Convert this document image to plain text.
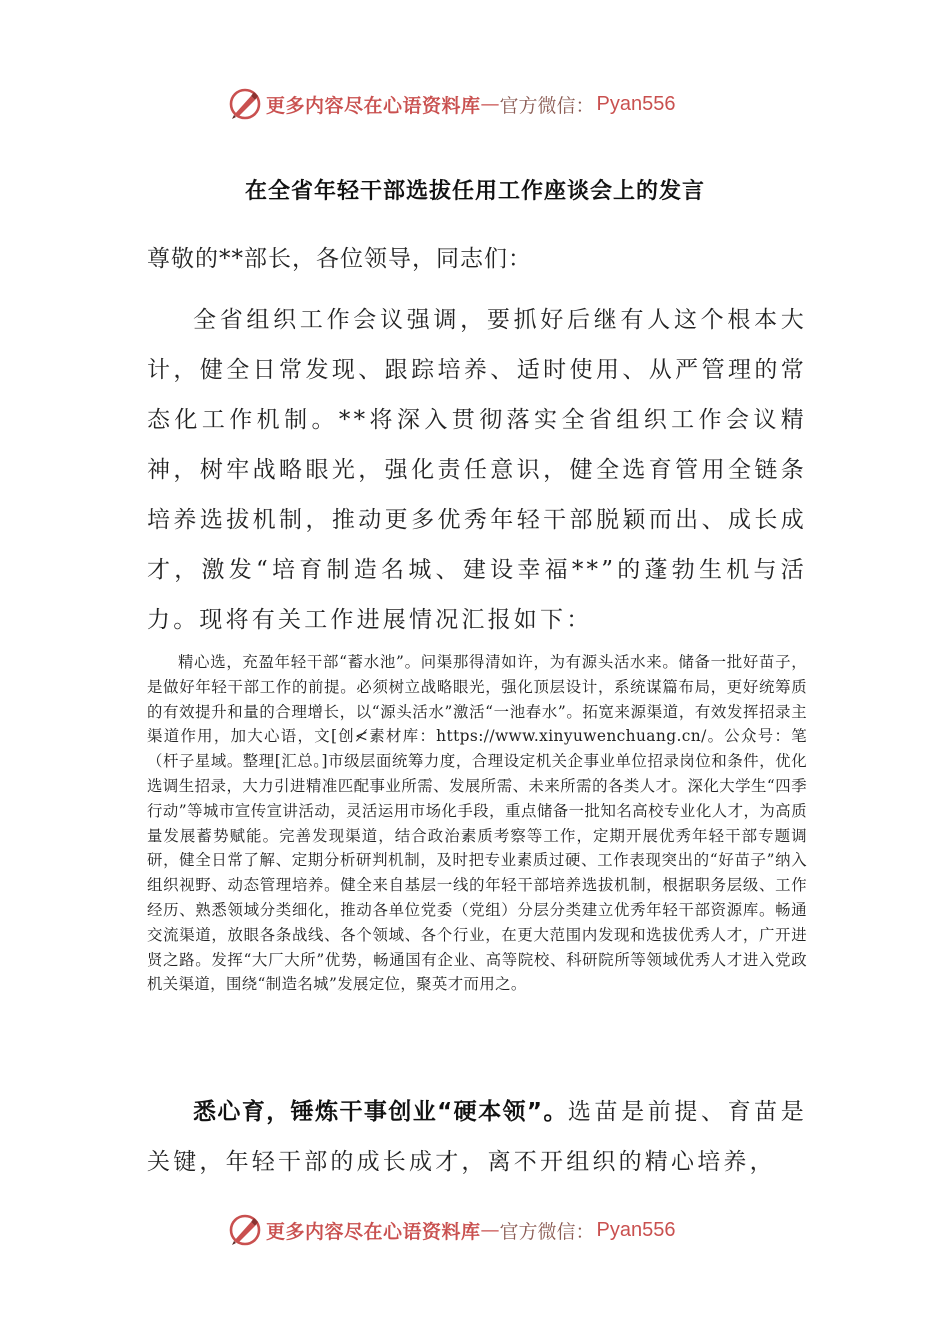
更多内容尽在心语资料库 — 官方微信： Pyan556
在全省年轻干部选拔任用工作座谈会上的发言
尊敬的**部长，各位领导，同志们：

全省组织工作会议强调，要抓好后继有人这个根本大计，健全日常发现、跟踪培养、适时使用、从严管理的常态化工作机制。**将深入贯彻落实全省组织工作会议精神，树牢战略眼光，强化责任意识，健全选育管用全链条培养选拔机制，推动更多优秀年轻干部脱颖而出、成长成才，激发“培育制造名城、建设幸福**”的蓬勃生机与活力。现将有关工作进展情况汇报如下：

精心选，充盈年轻干部“蓄水池”。问渠那得清如许，为有源头活水来。储备一批好苗子，是做好年轻干部工作的前提。必须树立战略眼光，强化顶层设计，系统谋篇布局，更好统筹质的有效提升和量的合理增长，以“源头活水”激活“一池春水”。拓宽来源渠道，有效发挥招录主渠道作用，加大心语，文[创≮素材库：https://www.xinyuwenchuang.cn/。公众号：笔（杆子星域。整理[汇总。]市级层面统筹力度，合理设定机关企事业单位招录岗位和条件，优化选调生招录，大力引进精准匹配事业所需、发展所需、未来所需的各类人才。深化大学生“四季行动”等城市宣传宣讲活动，灵活运用市场化手段，重点储备一批知名高校专业化人才，为高质量发展蓄势赋能。完善发现渠道，结合政治素质考察等工作，定期开展优秀年轻干部专题调研，健全日常了解、定期分析研判机制，及时把专业素质过硬、工作表现突出的“好苗子”纳入组织视野、动态管理培养。健全来自基层一线的年轻干部培养选拔机制，根据职务层级、工作经历、熟悉领域分类细化，推动各单位党委（党组）分层分类建立优秀年轻干部资源库。畅通交流渠道，放眼各条战线、各个领域、各个行业，在更大范围内发现和选拔优秀人才，广开进贤之路。发挥“大厂大所”优势，畅通国有企业、高等院校、科研院所等领域优秀人才进入党政机关渠道，围绕“制造名城”发展定位，聚英才而用之。

悉心育，锤炼干事创业“硬本领”。选苗是前提、育苗是关键，年轻干部的成长成才，离不开组织的精心培养，

更多内容尽在心语资料库 — 官方微信： Pyan556
